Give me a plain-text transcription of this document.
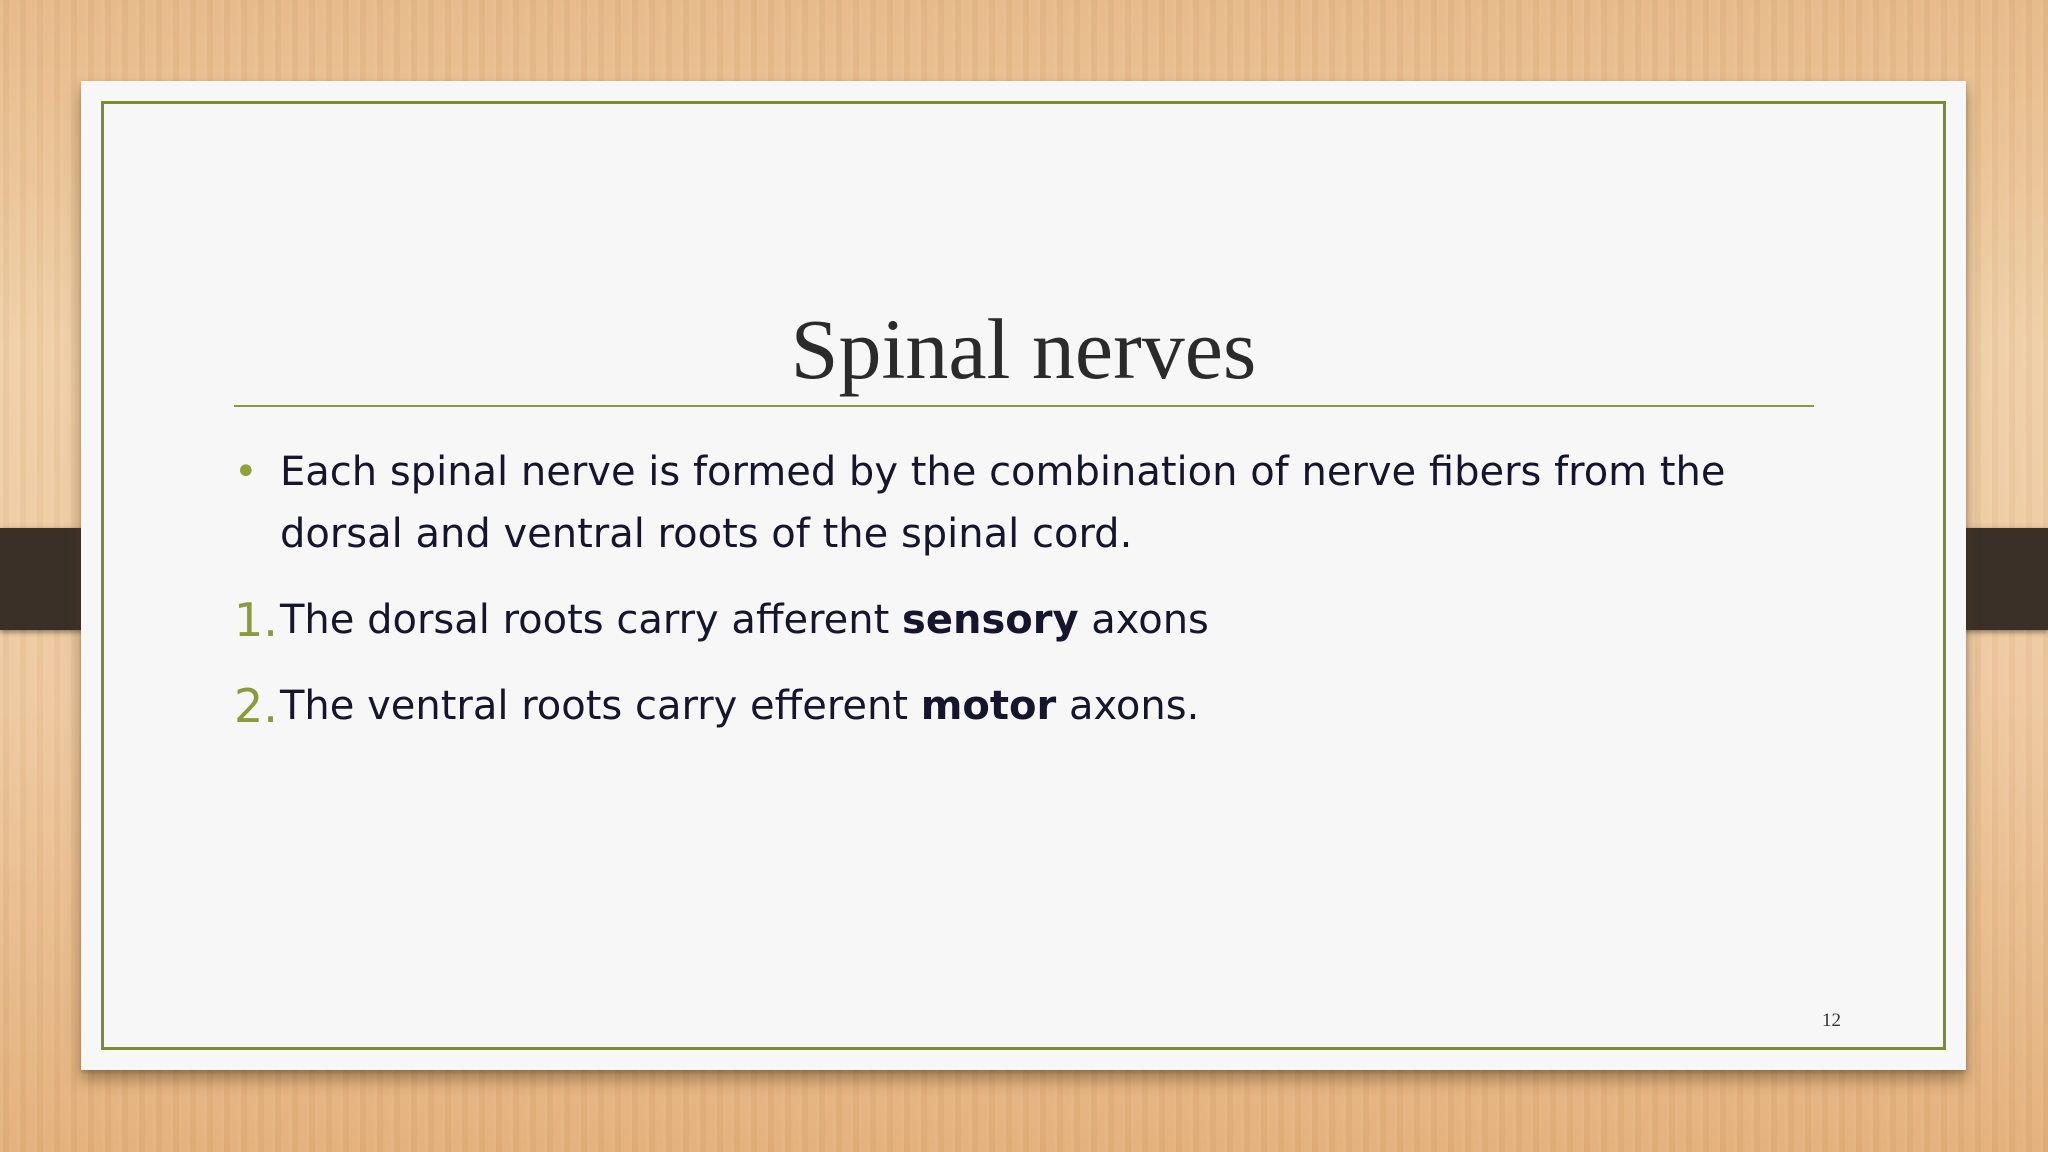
Spinal nerves
• Each spinal nerve is formed by the combination of nerve fibers from the dorsal and ventral roots of the spinal cord.
1. The dorsal roots carry afferent sensory axons
2. The ventral roots carry efferent motor axons.
12
